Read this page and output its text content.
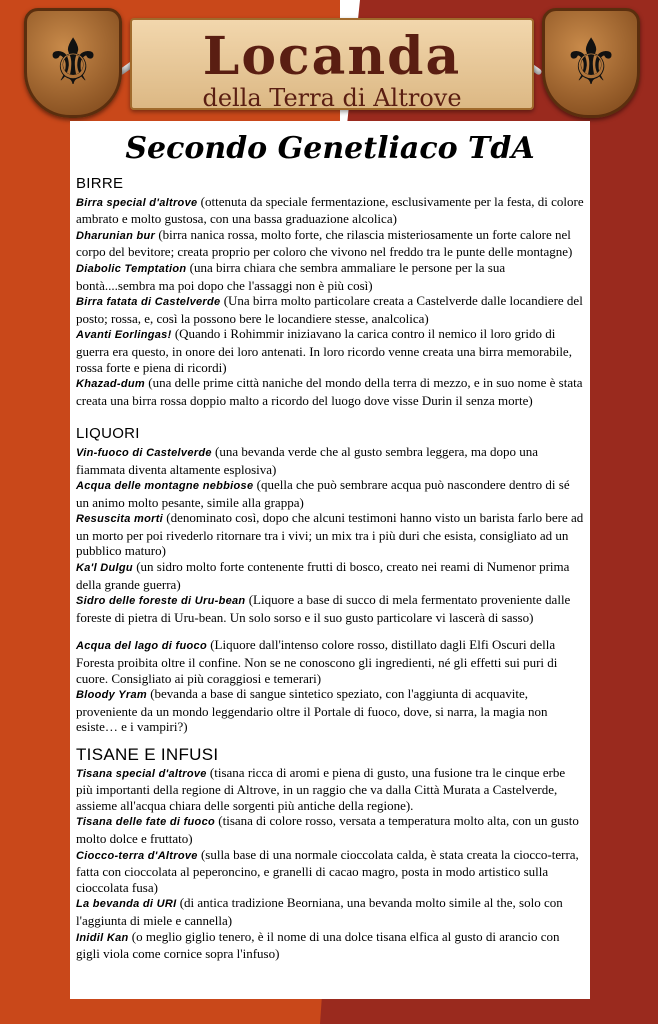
Locanda
della Terra di Altrove
⚜	⚜
Secondo Genetliaco TdA
BIRRE
Birra special d'altrove (ottenuta da speciale fermentazione, esclusivamente per la festa, di colore ambrato e molto gustosa, con una bassa graduazione alcolica)
Dharunian bur (birra nanica rossa, molto forte, che rilascia misteriosamente un forte calore nel corpo del bevitore; creata proprio per coloro che vivono nel freddo tra le punte delle montagne)
Diabolic Temptation (una birra chiara che sembra ammaliare le persone per la sua bontà....sembra ma poi dopo che l'assaggi non è più così)
Birra fatata di Castelverde (Una birra molto particolare creata a Castelverde dalle locandiere del posto; rossa, e, così la possono bere le locandiere stesse, analcolica)
Avanti Eorlingas! (Quando i Rohimmir iniziavano la carica contro il nemico il loro grido di guerra era questo, in onore dei loro antenati. In loro ricordo venne creata una birra memorabile, rossa forte e piena di ricordi)
Khazad-dum (una delle prime città naniche del mondo della terra di mezzo, e in suo nome è stata creata una birra rossa doppio malto a ricordo del luogo dove visse Durin il senza morte)
LIQUORI
Vin-fuoco di Castelverde (una bevanda verde che al gusto sembra leggera, ma dopo una fiammata diventa altamente esplosiva)
Acqua delle montagne nebbiose (quella che può sembrare acqua può nascondere dentro di sé un animo molto pesante, simile alla grappa)
Resuscita morti (denominato così, dopo che alcuni testimoni hanno visto un barista farlo bere ad un morto per poi rivederlo ritornare tra i vivi; un mix tra i più duri che esista, consigliato ad un pubblico maturo)
Ka'l Dulgu (un sidro molto forte contenente frutti di bosco, creato nei reami di Numenor prima della grande guerra)
Sidro delle foreste di Uru-bean (Liquore a base di succo di mela fermentato proveniente dalle foreste di pietra di Uru-bean. Un solo sorso e il suo gusto particolare vi lascerà di sasso)
Acqua del lago di fuoco (Liquore dall'intenso colore rosso, distillato dagli Elfi Oscuri della Foresta proibita oltre il confine. Non se ne conoscono gli ingredienti, né gli effetti sui puri di cuore. Consigliato ai più coraggiosi e temerari)
Bloody Yram (bevanda a base di sangue sintetico speziato, con l'aggiunta di acquavite, proveniente da un mondo leggendario oltre il Portale di fuoco, dove, si narra, la magia non esiste… e i vampiri?)
TISANE E INFUSI
Tisana special d'altrove (tisana ricca di aromi e piena di gusto, una fusione tra le cinque erbe più importanti della regione di Altrove, in un raggio che va dalla Città Murata a Castelverde, assieme all'acqua chiara delle sorgenti più antiche della regione).
Tisana delle fate di fuoco (tisana di colore rosso, versata a temperatura molto alta, con un gusto molto dolce e fruttato)
Ciocco-terra d'Altrove (sulla base di una normale cioccolata calda, è stata creata la ciocco-terra, fatta con cioccolata al peperoncino, e granelli di cacao magro, posta in modo artistico sulla cioccolata fusa)
La bevanda di URI (di antica tradizione Beorniana, una bevanda molto simile al the, solo con l'aggiunta di miele e cannella)
Inidil Kan (o meglio giglio tenero, è il nome di una dolce tisana elfica al gusto di arancio con gigli viola come cornice sopra l'infuso)
